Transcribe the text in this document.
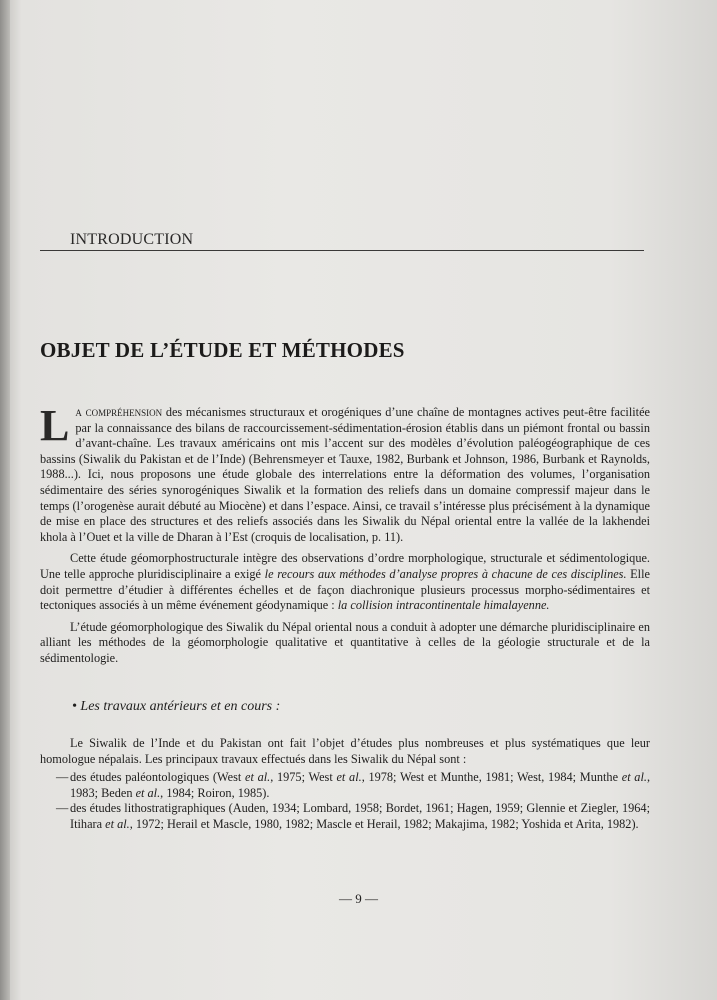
INTRODUCTION
OBJET DE L’ÉTUDE ET MÉTHODES

La compréhension des mécanismes structuraux et orogéniques d’une chaîne de montagnes actives peut-être facilitée par la connaissance des bilans de raccourcissement-sédimentation-érosion établis dans un piémont frontal ou bassin d’avant-chaîne. Les travaux américains ont mis l’accent sur des modèles d’évolution paléogéographique de ces bassins (Siwalik du Pakistan et de l’Inde) (Behrensmeyer et Tauxe, 1982, Burbank et Johnson, 1986, Burbank et Raynolds, 1988...). Ici, nous proposons une étude globale des interrelations entre la déformation des volumes, l’organisation sédimentaire des séries synorogéniques Siwalik et la formation des reliefs dans un domaine compressif majeur dans le temps (l’orogenèse aurait débuté au Miocène) et dans l’espace. Ainsi, ce travail s’intéresse plus précisément à la dynamique de mise en place des structures et des reliefs associés dans les Siwalik du Népal oriental entre la vallée de la lakhendei khola à l’Ouet et la ville de Dharan à l’Est (croquis de localisation, p. 11).

Cette étude géomorphostructurale intègre des observations d’ordre morphologique, structurale et sédimentologique. Une telle approche pluridisciplinaire a exigé le recours aux méthodes d’analyse propres à chacune de ces disciplines. Elle doit permettre d’étudier à différentes échelles et de façon diachronique plusieurs processus morpho-sédimentaires et tectoniques associés à un même événement géodynamique : la collision intracontinentale himalayenne.

L’étude géomorphologique des Siwalik du Népal oriental nous a conduit à adopter une démarche pluridisciplinaire en alliant les méthodes de la géomorphologie qualitative et quantitative à celles de la géologie structurale et de la sédimentologie.

• Les travaux antérieurs et en cours :

Le Siwalik de l’Inde et du Pakistan ont fait l’objet d’études plus nombreuses et plus systématiques que leur homologue népalais. Les principaux travaux effectués dans les Siwalik du Népal sont :

— des études paléontologiques (West et al., 1975; West et al., 1978; West et Munthe, 1981; West, 1984; Munthe et al., 1983; Beden et al., 1984; Roiron, 1985).
— des études lithostratigraphiques (Auden, 1934; Lombard, 1958; Bordet, 1961; Hagen, 1959; Glennie et Ziegler, 1964; Itihara et al., 1972; Herail et Mascle, 1980, 1982; Mascle et Herail, 1982; Makajima, 1982; Yoshida et Arita, 1982).
— 9 —
